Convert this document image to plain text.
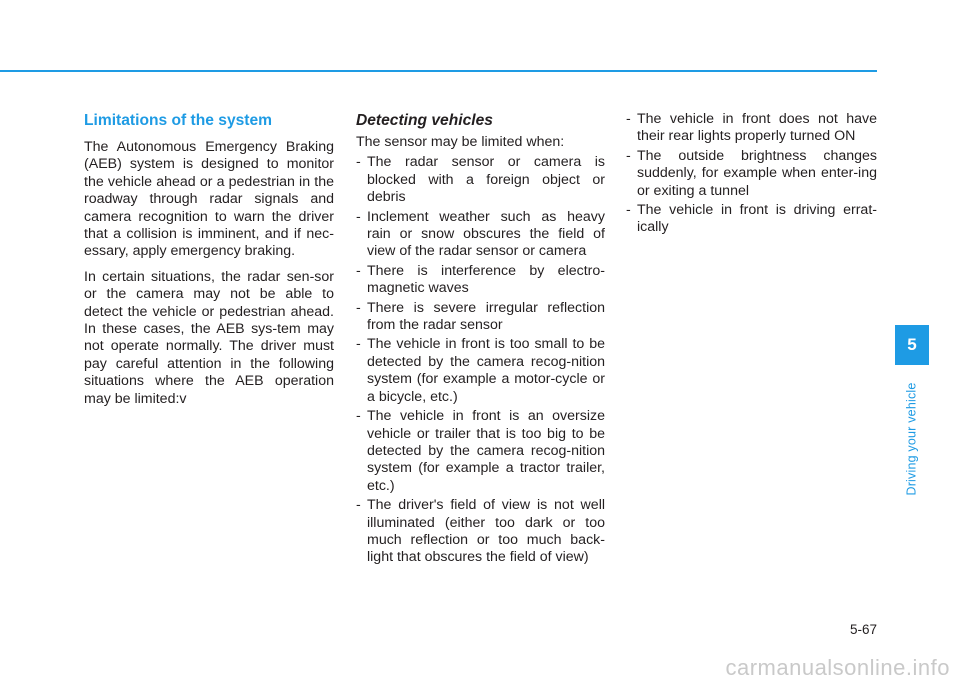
Limitations of the system

The Autonomous Emergency Braking (AEB) system is designed to monitor the vehicle ahead or a pedestrian in the roadway through radar signals and camera recognition to warn the driver that a collision is imminent, and if nec-essary, apply emergency braking.

In certain situations, the radar sen-sor or the camera may not be able to detect the vehicle or pedestrian ahead. In these cases, the AEB sys-tem may not operate normally. The driver must pay careful attention in the following situations where the AEB operation may be limited:v

Detecting vehicles

The sensor may be limited when:

- The radar sensor or camera is blocked with a foreign object or debris
- Inclement weather such as heavy rain or snow obscures the field of view of the radar sensor or camera
- There is interference by electro-magnetic waves
- There is severe irregular reflection from the radar sensor
- The vehicle in front is too small to be detected by the camera recog-nition system (for example a motor-cycle or a bicycle, etc.)
- The vehicle in front is an oversize vehicle or trailer that is too big to be detected by the camera recog-nition system (for example a tractor trailer, etc.)
- The driver's field of view is not well illuminated (either too dark or too much reflection or too much back-light that obscures the field of view)
- The vehicle in front does not have their rear lights properly turned ON
- The outside brightness changes suddenly, for example when enter-ing or exiting a tunnel
- The vehicle in front is driving errat-ically
5
Driving your vehicle
5-67
carmanualsonline.info
